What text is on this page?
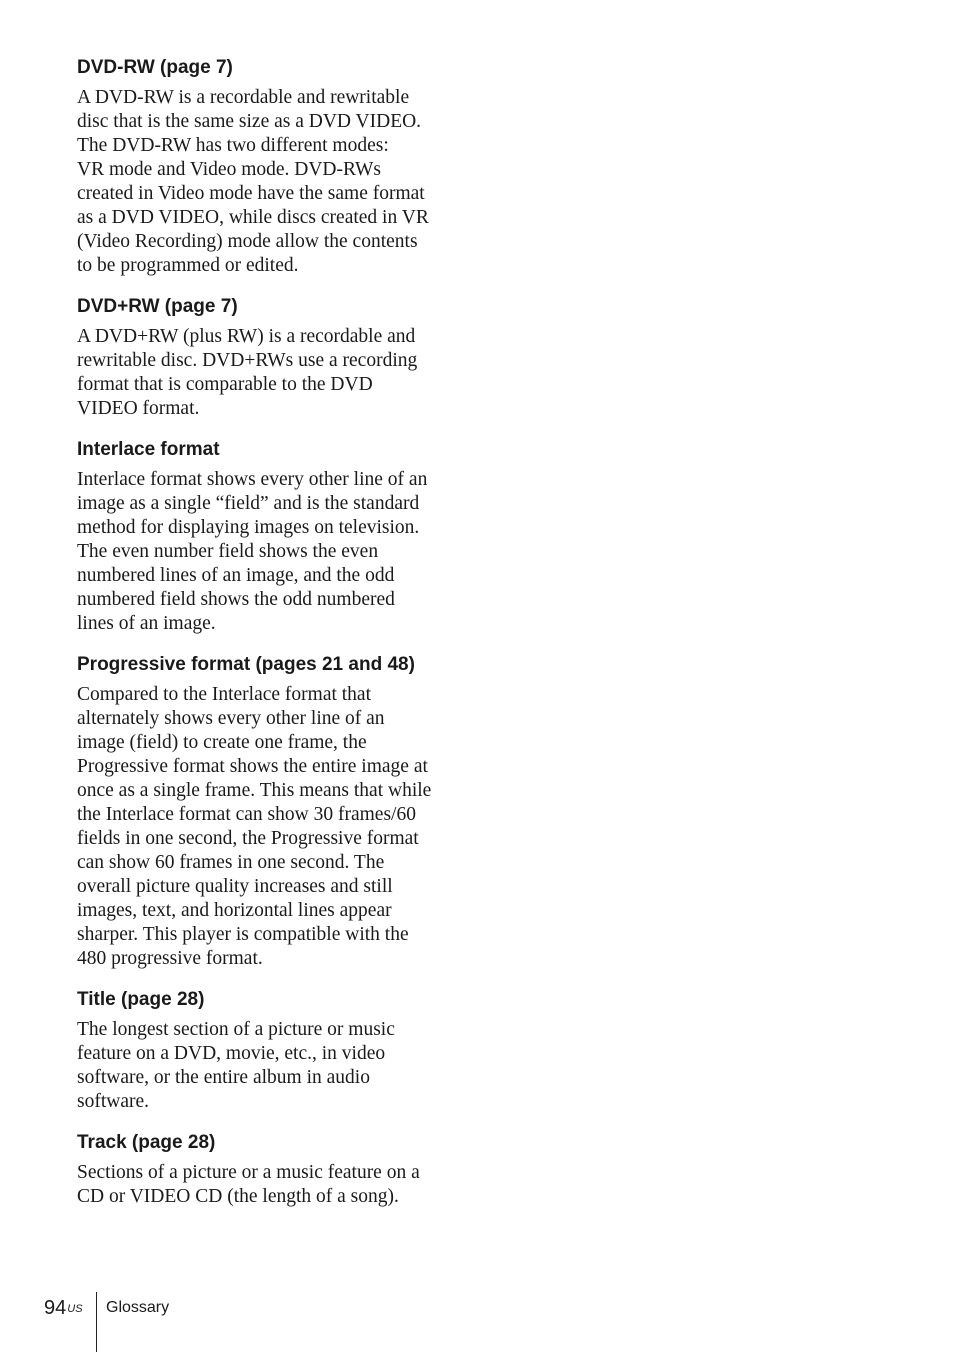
DVD-RW (page 7)

A DVD-RW is a recordable and rewritable
disc that is the same size as a DVD VIDEO.
The DVD-RW has two different modes:
VR mode and Video mode. DVD-RWs
created in Video mode have the same format
as a DVD VIDEO, while discs created in VR
(Video Recording) mode allow the contents
to be programmed or edited.

DVD+RW (page 7)

A DVD+RW (plus RW) is a recordable and
rewritable disc. DVD+RWs use a recording
format that is comparable to the DVD
VIDEO format.

Interlace format

Interlace format shows every other line of an
image as a single “field” and is the standard
method for displaying images on television.
The even number field shows the even
numbered lines of an image, and the odd
numbered field shows the odd numbered
lines of an image.

Progressive format (pages 21 and 48)

Compared to the Interlace format that
alternately shows every other line of an
image (field) to create one frame, the
Progressive format shows the entire image at
once as a single frame. This means that while
the Interlace format can show 30 frames/60
fields in one second, the Progressive format
can show 60 frames in one second. The
overall picture quality increases and still
images, text, and horizontal lines appear
sharper. This player is compatible with the
480 progressive format.

Title (page 28)

The longest section of a picture or music
feature on a DVD, movie, etc., in video
software, or the entire album in audio
software.

Track (page 28)

Sections of a picture or a music feature on a
CD or VIDEO CD (the length of a song).

$94^{US}$ Glossary
